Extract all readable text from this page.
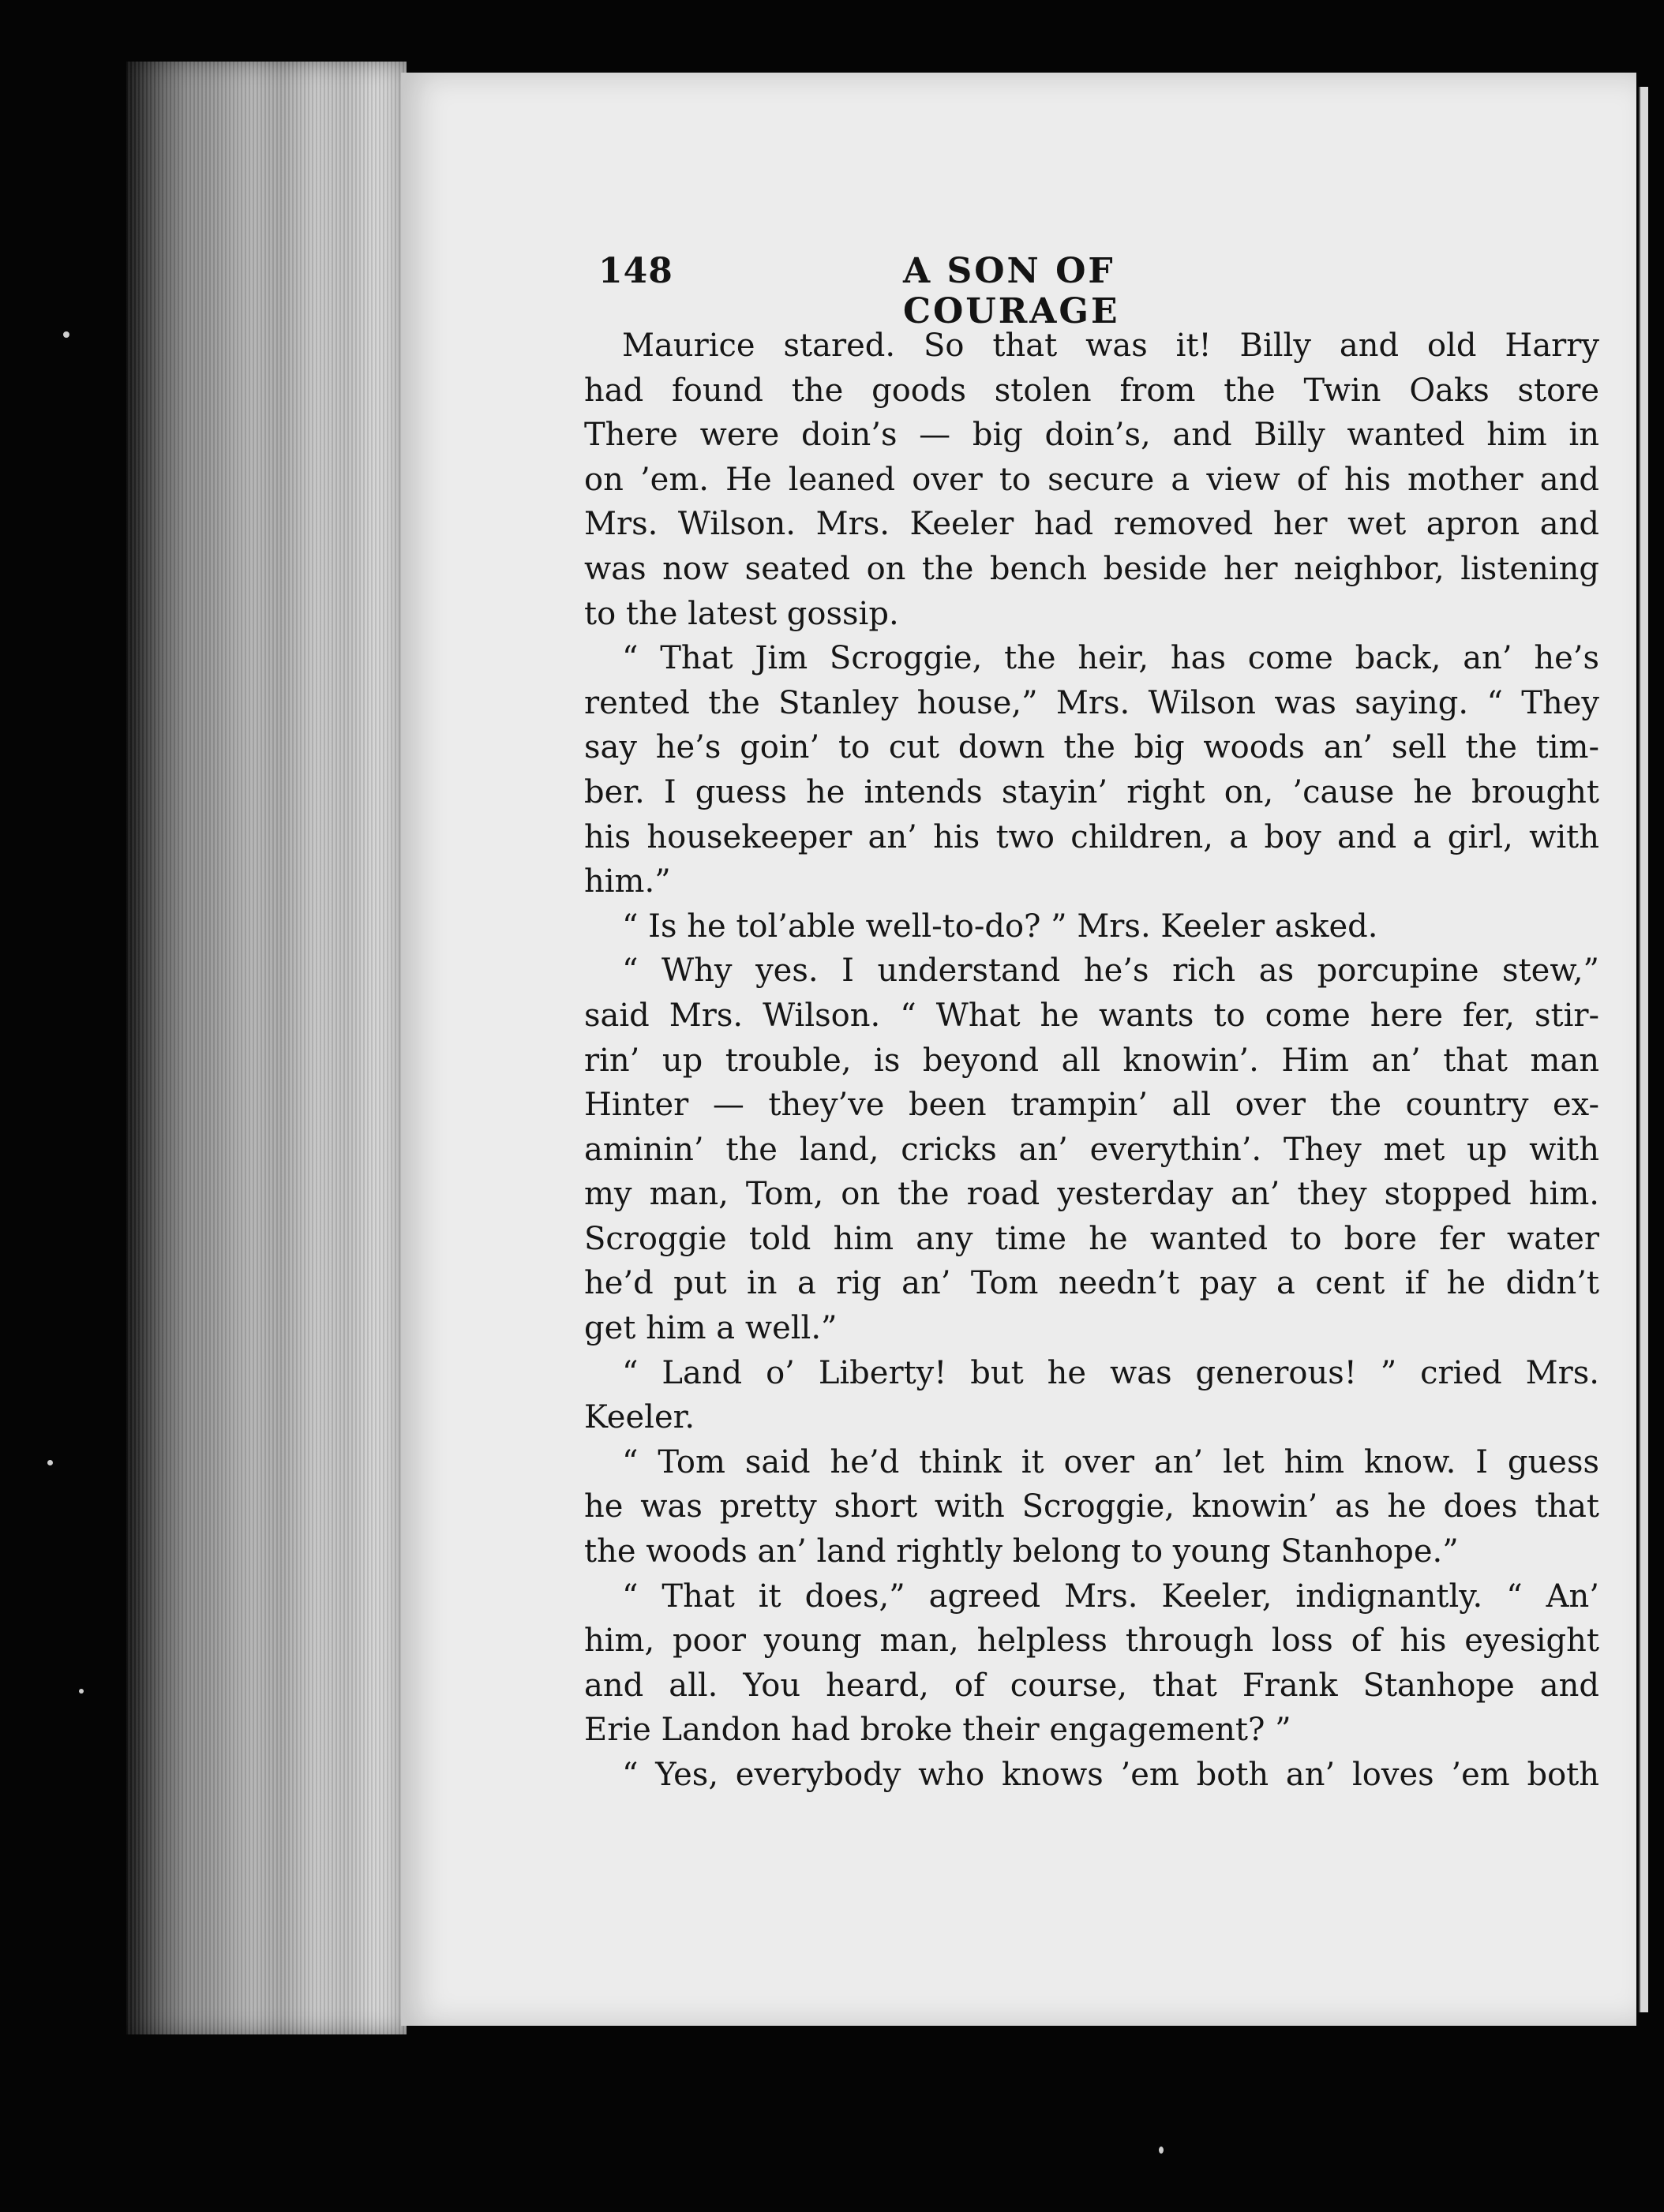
148	A SON OF COURAGE
Maurice stared. So that was it! Billy and old Harry
had found the goods stolen from the Twin Oaks store
There were doin’s — big doin’s, and Billy wanted him in
on ’em. He leaned over to secure a view of his mother and
Mrs. Wilson. Mrs. Keeler had removed her wet apron and
was now seated on the bench beside her neighbor, listening
to the latest gossip.
“ That Jim Scroggie, the heir, has come back, an’ he’s
rented the Stanley house,” Mrs. Wilson was saying. “ They
say he’s goin’ to cut down the big woods an’ sell the tim-
ber. I guess he intends stayin’ right on, ’cause he brought
his housekeeper an’ his two children, a boy and a girl, with
him.”
“ Is he tol’able well-to-do? ” Mrs. Keeler asked.
“ Why yes. I understand he’s rich as porcupine stew,”
said Mrs. Wilson. “ What he wants to come here fer, stir-
rin’ up trouble, is beyond all knowin’. Him an’ that man
Hinter — they’ve been trampin’ all over the country ex-
aminin’ the land, cricks an’ everythin’. They met up with
my man, Tom, on the road yesterday an’ they stopped him.
Scroggie told him any time he wanted to bore fer water
he’d put in a rig an’ Tom needn’t pay a cent if he didn’t
get him a well.”
“ Land o’ Liberty! but he was generous! ” cried Mrs.
Keeler.
“ Tom said he’d think it over an’ let him know. I guess
he was pretty short with Scroggie, knowin’ as he does that
the woods an’ land rightly belong to young Stanhope.”
“ That it does,” agreed Mrs. Keeler, indignantly. “ An’
him, poor young man, helpless through loss of his eyesight
and all. You heard, of course, that Frank Stanhope and
Erie Landon had broke their engagement? ”
“ Yes, everybody who knows ’em both an’ loves ’em both
